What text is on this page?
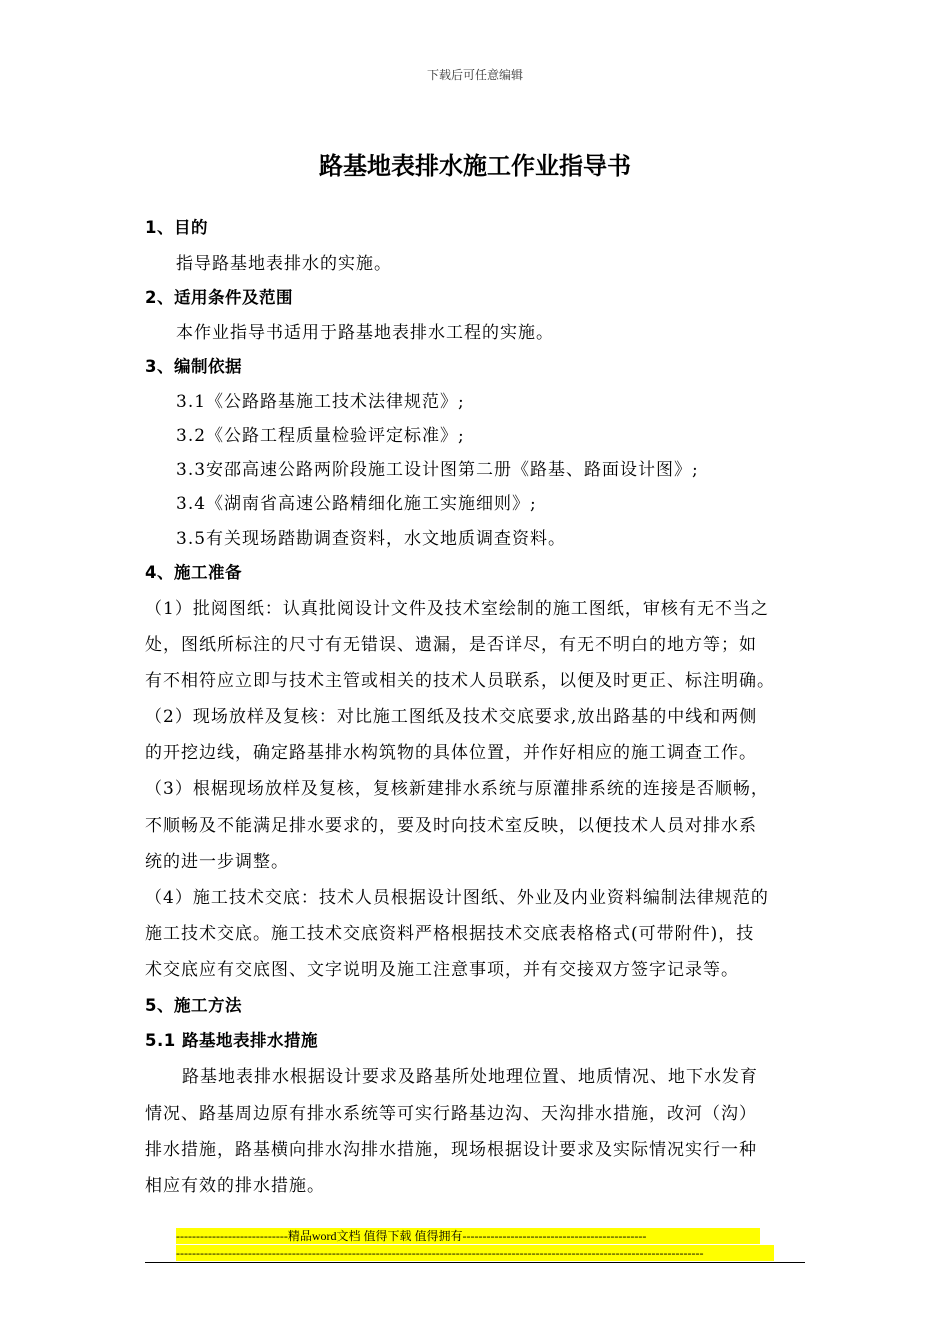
下载后可任意编辑
路基地表排水施工作业指导书
1、目的
指导路基地表排水的实施。
2、适用条件及范围
本作业指导书适用于路基地表排水工程的实施。
3、编制依据
3.1《公路路基施工技术法律规范》;
3.2《公路工程质量检验评定标准》;
3.3安邵高速公路两阶段施工设计图第二册《路基、路面设计图》;
3.4《湖南省高速公路精细化施工实施细则》;
3.5有关现场踏勘调查资料，水文地质调查资料。
4、施工准备
（1）批阅图纸：认真批阅设计文件及技术室绘制的施工图纸，审核有无不当之
处，图纸所标注的尺寸有无错误、遗漏，是否详尽，有无不明白的地方等；如
有不相符应立即与技术主管或相关的技术人员联系，以便及时更正、标注明确。
（2）现场放样及复核：对比施工图纸及技术交底要求,放出路基的中线和两侧
的开挖边线，确定路基排水构筑物的具体位置，并作好相应的施工调查工作。
（3）根椐现场放样及复核，复核新建排水系统与原灌排系统的连接是否顺畅，
不顺畅及不能满足排水要求的，要及时向技术室反映，以便技术人员对排水系
统的进一步调整。
（4）施工技术交底：技术人员根据设计图纸、外业及内业资料编制法律规范的
施工技术交底。施工技术交底资料严格根据技术交底表格格式(可带附件)，技
术交底应有交底图、文字说明及施工注意事项，并有交接双方签字记录等。
5、施工方法
5.1 路基地表排水措施
路基地表排水根据设计要求及路基所处地理位置、地质情况、地下水发育
情况、路基周边原有排水系统等可实行路基边沟、天沟排水措施，改河（沟）
排水措施，路基横向排水沟排水措施，现场根据设计要求及实际情况实行一种
相应有效的排水措施。
----------------------------精品word文档 值得下载 值得拥有----------------------------------------------
------------------------------------------------------------------------------------------------------------------------------------
